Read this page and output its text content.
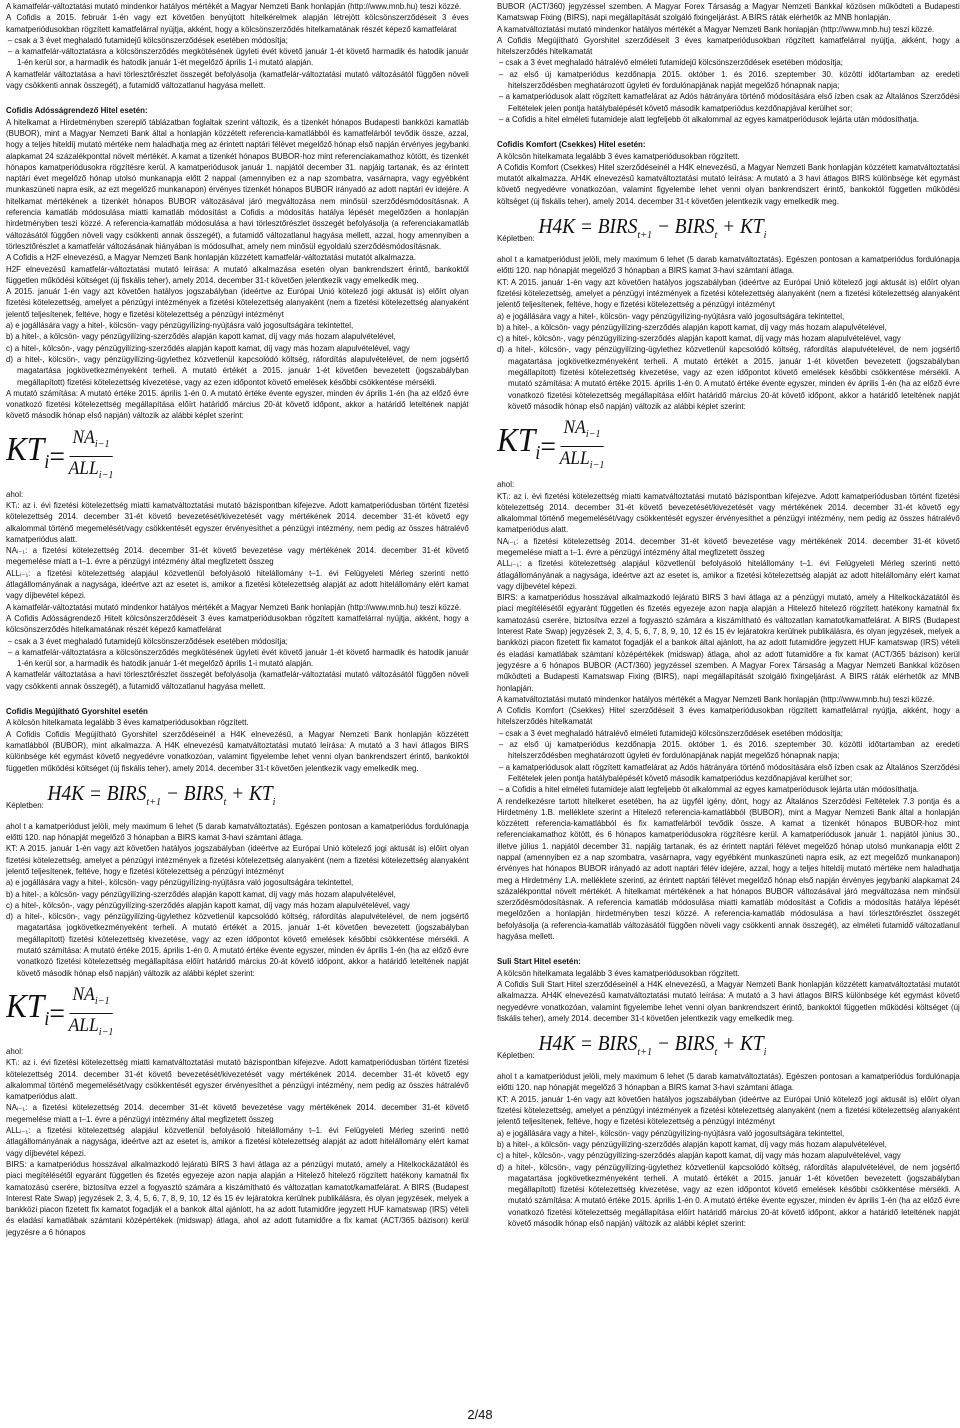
A kamatfelár-változtatási mutató mindenkor hatályos mértékét a Magyar Nemzeti Bank honlapján (http://www.mnb.hu) teszi közzé.

A Cofidis a 2015. február 1-én vagy ezt követően benyújtott hitelkérelmek alapján létrejött kölcsönszerződéseit 3 éves kamatperiódusokban rögzített kamatfelárral nyújtja, akként, hogy a kölcsönszerződés hitelkamatának részét képező kamatfelárat

– csak a 3 évet meghaladó futamidejű kölcsönszerződések esetében módosítja;

– a kamatfelár-változtatásra a kölcsönszerződés megkötésének ügyleti évét követő január 1-ét követő harmadik és hatodik január 1-én kerül sor, a harmadik és hatodik január 1-ét megelőző április 1-i mutató alapján.

A kamatfelár változtatása a havi törlesztőrészlet összegét befolyásolja (kamatfelár-változtatási mutató változásától függően növeli vagy csökkenti annak összegét), a futamidő változatlanul hagyása mellett.

Cofidis Adósságrendező Hitel esetén:

A hitelkamat a Hirdetményben szereplő táblázatban foglaltak szerint változik, és a tizenkét hónapos Budapesti bankközi kamatláb (BUBOR), mint a Magyar Nemzeti Bank által a honlapján közzétett referencia-kamatlábból és kamatfelárból tevődik össze, azzal, hogy a teljes hiteldíj mutató mértéke nem haladhatja meg az érintett naptári félévet megelőző hónap első napján érvényes jegybanki alapkamat 24 százalékponttal növelt mértékét. A kamat a tizenkét hónapos BUBOR-hoz mint referenciakamathoz kötött, és tizenkét hónapos kamatperiódusokra rögzítésre kerül. A kamatperiódusok január 1. napjától december 31. napjáig tartanak, és az érintett naptári évet megelőző hónap utolsó munkanapja előtt 2 nappal (amennyiben ez a nap szombatra, vasárnapra, vagy egyébként munkaszüneti napra esik, az ezt megelőző munkanapon) érvényes tizenkét hónapos BUBOR irányadó az adott naptári év idejére. A hitelkamat mértékének a tizenkét hónapos BUBOR változásával járó megváltozása nem minősül szerződésmódosításnak. A referencia kamatláb módosulása miatti kamatláb módosítást a Cofidis a módosítás hatálya lépését megelőzően a honlapján hirdetményben teszi közzé. A referencia-kamatláb módosulása a havi törlesztőrészlet összegét befolyásolja (a referenciakamatláb változásától függően növeli vagy csökkenti annak összegét), a futamidő változatlanul hagyása mellett, azzal, hogy amennyiben a törlesztőrészlet a kamatfelár változásának hiányában is módosulhat, amely nem minősül egyoldalú szerződésmódosításnak.

A Cofidis a H2F elnevezésű, a Magyar Nemzeti Bank honlapján közzétett kamatfelár-változtatási mutatót alkalmazza.

H2F elnevezésű kamatfelár-változtatási mutató leírása: A mutató alkalmazása esetén olyan bankrendszert érintő, bankoktól független működési költséget (új fiskális teher), amely 2014. december 31-t követően jelentkezik vagy emelkedik meg.

A 2015. január 1-én vagy azt követően hatályos jogszabályban (ideértve az Európai Unió kötelező jogi aktusát is) előírt olyan fizetési kötelezettség, amelyet a pénzügyi intézmények a fizetési kötelezettség alanyaként (nem a fizetési kötelezettség alanyaként jelentő teljesítenek, feltéve, hogy e fizetési kötelezettség a pénzügyi intézményt

a) e jogállására vagy a hitel-, kölcsön- vagy pénzügyilízing-nyújtásra való jogosultságára tekintettel,

b) a hitel-, a kölcsön- vagy pénzügyilízing-szerződés alapján kapott kamat, díj vagy más hozam alapulvételével,

c) a hitel-, kölcsön-, vagy pénzügyilízing-szerződés alapján kapott kamat, díj vagy más hozam alapulvételével, vagy

d) a hitel-, kölcsön-, vagy pénzügyilízing-ügylethez közvetlenül kapcsolódó költség, ráfordítás alapulvételével, de nem jogsértő magatartása jogkövetkezményeként terheli. A mutató értékét a 2015. január 1-ét követően bevezetett (jogszabályban megállapított) fizetési kötelezettség kivezetése, vagy az ezen időpontot követő emelések későbbi csökkentése mérsékli.

A mutató számítása: A mutató értéke 2015. április 1-én 0. A mutató értéke évente egyszer, minden év április 1-én (ha az előző évre vonatkozó fizetési kötelezettség megállapítása előírt határidő március 20-át követő időpont, akkor a határidő leteltének napját követő második hónap első napján) változik az alábbi képlet szerint:

$KT_i = \frac{NA_{i-1}}{ALL_{i-1}}$

ahol:

KTᵢ: az i. évi fizetési kötelezettség miatti kamatváltoztatási mutató bázispontban kifejezve. Adott kamatperiódusban történt fizetési kötelezettség 2014. december 31-ét követő bevezetését/kivezetését vagy mértékének 2014. december 31-ét követő egy alkalommal történő megemelését/vagy csökkentését egyszer érvényesíthet a pénzügyi intézmény, nem pedig az összes hátralévő kamatperiódus alatt.

NAᵢ₋₁: a fizetési kötelezettség 2014. december 31-ét követő bevezetése vagy mértékének 2014. december 31-ét követő megemelése miatt a t–1. évre a pénzügyi intézmény által megfizetett összeg

ALLᵢ₋₁: a fizetési kötelezettség alapjául közvetlenül befolyásoló hitelállomány t–1. évi Felügyeleti Mérleg szerinti nettó átlagállományának a nagysága, ideértve azt az esetet is, amikor a fizetési kötelezettség alapját az adott hitelállomány elért kamat vagy díjbevétel képezi.

A kamatfelár-változtatási mutató mindenkor hatályos mértékét a Magyar Nemzeti Bank honlapján (http://www.mnb.hu) teszi közzé.

A Cofidis Adósságrendező Hitelt kölcsönszerződéseit 3 éves kamatperiódusokban rögzített kamatfelárral nyújtja, akként, hogy a kölcsönszerződés hitelkamatának részét képező kamatfelárat

– csak a 3 évet meghaladó futamidejű kölcsönszerződések esetében módosítja;

– a kamatfelár-változtatásra a kölcsönszerződés megkötésének ügyleti évét követő január 1-ét követő harmadik és hatodik január 1-én kerül sor, a harmadik és hatodik január 1-ét megelőző április 1-i mutató alapján.

A kamatfelár változtatása a havi törlesztőrészlet összegét befolyásolja (kamatfelár-változtatási mutató változásától függően növeli vagy csökkenti annak összegét), a futamidő változatlanul hagyása mellett.

Cofidis Megújítható Gyorshitel esetén

A kölcsön hitelkamata legalább 3 éves kamatperiódusokban rögzített.

A Cofidis Cofidis Megújítható Gyorshitel szerződéseinél a H4K elnevezésű, a Magyar Nemzeti Bank honlapján közzétett kamatlábból (BUBOR), mint alkalmazza. A H4K elnevezésű kamatváltoztatási mutató leírása: A mutató a 3 havi átlagos BIRS különbsége két egymást követő negyedévre vonatkozóan, valamint figyelembe lehet venni olyan bankrendszert érintő, bankoktól független működési költséget (új fiskális teher), amely 2014. december 31-t követően jelentkezik vagy emelkedik meg.

Képletben: $H4K = BIRS_{t+1}$ − $BIRS_t + KT_i$

ahol t a kamatperiódust jelöli, mely maximum 6 lehet (5 darab kamatváltoztatás). Egészen pontosan a kamatperiódus fordulónapja előtti 120. nap hónapját megelőző 3 hónapban a BIRS kamat 3-havi számtani átlaga.

KT: A 2015. január 1-én vagy azt követően hatályos jogszabályban (ideértve az Európai Unió kötelező jogi aktusát is) előírt olyan fizetési kötelezettség, amelyet a pénzügyi intézmények a fizetési kötelezettség alanyaként (nem a fizetési kötelezettség alanyaként jelentő teljesítenek, feltéve, hogy e fizetési kötelezettség a pénzügyi intézményt

a) e jogállására vagy a hitel-, kölcsön- vagy pénzügyilízing-nyújtásra való jogosultságára tekintettel,

b) a hitel-, a kölcsön- vagy pénzügyilízing-szerződés alapján kapott kamat, díj vagy más hozam alapulvételével,

c) a hitel-, kölcsön-, vagy pénzügyilízing-szerződés alapján kapott kamat, díj vagy más hozam alapulvételével, vagy

d) a hitel-, kölcsön-, vagy pénzügyilízing-ügylethez közvetlenül kapcsolódó költség, ráfordítás alapulvételével, de nem jogsértő magatartása jogkövetkezményeként terheli. A mutató értékét a 2015. január 1-ét követően bevezetett (jogszabályban megállapított) fizetési kötelezettség kivezetése, vagy az ezen időpontot követő emelések későbbi csökkentése mérsékli. A mutató számítása: A mutató értéke 2015. április 1-én 0. A mutató értéke évente egyszer, minden év április 1-én (ha az előző évre vonatkozó fizetési kötelezettség megállapítása előírt határidő március 20-át követő időpont, akkor a határidő leteltének napját követő második hónap első napján) változik az alábbi képlet szerint:

$KT_i = \frac{NA_{i-1}}{ALL_{i-1}}$

ahol:

KTᵢ: az i. évi fizetési kötelezettség miatti kamatváltoztatási mutató bázispontban kifejezve. Adott kamatperiódusban történt fizetési kötelezettség 2014. december 31-ét követő bevezetését/kivezetését vagy mértékének 2014. december 31-ét követő egy alkalommal történő megemelését/vagy csökkentését egyszer érvényesíthet a pénzügyi intézmény, nem pedig az összes hátralévő kamatperiódus alatt.

NAᵢ₋₁: a fizetési kötelezettség 2014. december 31-ét követő bevezetése vagy mértékének 2014. december 31-ét követő megemelése miatt a t–1. évre a pénzügyi intézmény által megfizetett összeg

ALLᵢ₋₁: a fizetési kötelezettség alapjául közvetlenül befolyásoló hitelállomány t–1. évi Felügyeleti Mérleg szerinti nettó átlagállományának a nagysága, ideértve azt az esetet is, amikor a fizetési kötelezettség alapját az adott hitelállomány elért kamat vagy díjbevétel képezi.

BIRS: a kamatperiódus hosszával alkalmazkodó lejáratú BIRS 3 havi átlaga az a pénzügyi mutató, amely a Hitelkockázatától és piaci megítélésétől egyaránt független és fizetés egyezeje azon napja alapján a Hitelező hitelező rögzített hatékony kamatnál fix kamatozású cserére, biztosítva ezzel a fogyasztó számára a kiszámítható és változatlan kamatot/kamatfelárat. A BIRS (Budapest Interest Rate Swap) jegyzések 2, 3, 4, 5, 6, 7, 8, 9, 10, 12 és 15 év lejáratokra kerülnek publikálásra, és olyan jegyzések, melyek a bankközi piacon fizetett fix kamatot fogadják el a bankok által ajánlott, ha az adott futamidőre jegyzett HUF kamatswap (IRS) vételi és eladási kamatlábak számtani középértékek (midswap) átlaga, ahol az adott futamidőre a fix kamat (ACT/365 bázison) kerül jegyzésre a 6 hónapos

BUBOR (ACT/360) jegyzéssel szemben. A Magyar Forex Társaság a Magyar Nemzeti Bankkal közösen működteti a Budapesti Kamatswap Fixing (BIRS), napi megállapítását szolgáló fixingeljárást. A BIRS ráták elérhetők az MNB honlapján.

A kamatváltoztatási mutató mindenkor hatályos mértékét a Magyar Nemzeti Bank honlapján (http://www.mnb.hu) teszi közzé.

A Cofidis Megújítható Gyorshitel szerződéseit 3 éves kamatperiódusokban rögzített kamatfelárral nyújtja, akként, hogy a hitelszerződés hitelkamatát

– csak a 3 évet meghaladó hátralévő elméleti futamidejű kölcsönszerződések esetében módosítja;

– az első új kamatperiódus kezdőnapja 2015. október 1. és 2016. szeptember 30. közötti időtartamban az eredeti hitelszerződésben meghatározott ügyleti év fordulónapjának napját megelőző hónapnak napja;

– a kamatperiódusok alatt rögzített kamatfelárat az Adós hátrányára történő módosítására első ízben csak az Általános Szerződési Feltételek jelen pontja hatálybalépését követő második kamatperiódus kezdőnapjával kerülhet sor;

– a Cofidis a hitel elméleti futamideje alatt legfeljebb öt alkalommal az egyes kamatperiódusok lejárta után módosíthatja.

Cofidis Komfort (Csekkes) Hitel esetén:

A kölcsön hitelkamata legalább 3 éves kamatperiódusokban rögzített.

A Cofidis Komfort (Csekkes) Hitel szerződéseinél a H4K elnevezésű, a Magyar Nemzeti Bank honlapján közzétett kamatváltoztatási mutatót alkalmazza. AH4K elnevezésű kamatváltoztatási mutató leírása: A mutató a 3 havi átlagos BIRS különbsége két egymást követő negyedévre vonatkozóan, valamint figyelembe lehet venni olyan bankrendszert érintő, bankoktól független működési költséget (új fiskális teher), amely 2014. december 31-t követően jelentkezik vagy emelkedik meg.

Képletben: $H4K = BIRS_{t+1}$ − $BIRS_t + KT_i$

ahol t a kamatperiódust jelöli, mely maximum 6 lehet (5 darab kamatváltoztatás). Egészen pontosan a kamatperiódus fordulónapja előtti 120. nap hónapját megelőző 3 hónapban a BIRS kamat 3-havi számtani átlaga.

KT: A 2015. január 1-én vagy azt követően hatályos jogszabályban (ideértve az Európai Unió kötelező jogi aktusát is) előírt olyan fizetési kötelezettség, amelyet a pénzügyi intézmények a fizetési kötelezettség alanyaként (nem a fizetési kötelezettség alanyaként jelentő teljesítenek, feltéve, hogy e fizetési kötelezettség a pénzügyi intézményt

a) e jogállására vagy a hitel-, kölcsön- vagy pénzügyilízing-nyújtásra való jogosultságára tekintettel,

b) a hitel-, a kölcsön- vagy pénzügyilízing-szerződés alapján kapott kamat, díj vagy más hozam alapulvételével,

c) a hitel-, kölcsön-, vagy pénzügyilízing-szerződés alapján kapott kamat, díj vagy más hozam alapulvételével, vagy

d) a hitel-, kölcsön-, vagy pénzügyilízing-ügylethez közvetlenül kapcsolódó költség, ráfordítás alapulvételével, de nem jogsértő magatartása jogkövetkezményeként terheli. A mutató értékét a 2015. január 1-ét követően bevezetett (jogszabályban megállapított) fizetési kötelezettség kivezetése, vagy az ezen időpontot követő emelések későbbi csökkentése mérsékli. A mutató számítása: A mutató értéke 2015. április 1-én 0. A mutató értéke évente egyszer, minden év április 1-én (ha az előző évre vonatkozó fizetési kötelezettség megállapítása előírt határidő március 20-át követő időpont, akkor a határidő leteltének napját követő második hónap első napján) változik az alábbi képlet szerint:

$KT_i = \frac{NA_{i-1}}{ALL_{i-1}}$

ahol:

KTᵢ: az i. évi fizetési kötelezettség miatti kamatváltoztatási mutató bázispontban kifejezve. Adott kamatperiódusban történt fizetési kötelezettség 2014. december 31-ét követő bevezetését/kivezetését vagy mértékének 2014. december 31-ét követő egy alkalommal történő megemelését/vagy csökkentését egyszer érvényesíthet a pénzügyi intézmény, nem pedig az összes hátralévő kamatperiódus alatt.

NAᵢ₋₁: a fizetési kötelezettség 2014. december 31-ét követő bevezetése vagy mértékének 2014. december 31-ét követő megemelése miatt a t–1. évre a pénzügyi intézmény által megfizetett összeg

ALLᵢ₋₁: a fizetési kötelezettség alapjául közvetlenül befolyásoló hitelállomány t–1. évi Felügyeleti Mérleg szerinti nettó átlagállományának a nagysága, ideértve azt az esetet is, amikor a fizetési kötelezettség alapját az adott hitelállomány elért kamat vagy díjbevétel képezi.

BIRS: a kamatperiódus hosszával alkalmazkodó lejáratú BIRS 3 havi átlaga az a pénzügyi mutató, amely a Hitelkockázatától és piaci megítélésétől egyaránt független és fizetés egyezeje azon napja alapján a Hitelező hitelező rögzített hatékony kamatnál fix kamatozású cserére, biztosítva ezzel a fogyasztó számára a kiszámítható és változatlan kamatot/kamatfelárat. A BIRS (Budapest Interest Rate Swap) jegyzések 2, 3, 4, 5, 6, 7, 8, 9, 10, 12 és 15 év lejáratokra kerülnek publikálásra, és olyan jegyzések, melyek a bankközi piacon fizetett fix kamatot fogadják el a bankok által ajánlott, ha az adott futamidőre jegyzett HUF kamatswap (IRS) vételi és eladási kamatlábak számtani középértékek (midswap) átlaga, ahol az adott futamidőre a fix kamat (ACT/365 bázison) kerül jegyzésre a 6 hónapos BUBOR (ACT/360) jegyzéssel szemben. A Magyar Forex Társaság a Magyar Nemzeti Bankkal közösen működteti a Budapesti Kamatswap Fixing (BIRS), napi megállapítását szolgáló fixingeljárást. A BIRS ráták elérhetők az MNB honlapján.

A kamatváltoztatási mutató mindenkor hatályos mértékét a Magyar Nemzeti Bank honlapján (http://www.mnb.hu) teszi közzé.

A Cofidis Komfort (Csekkes) Hitel szerződéseit 3 éves kamatperiódusokban rögzített kamatfelárral nyújtja, akként, hogy a hitelszerződés hitelkamatát

– csak a 3 évet meghaladó hátralévő elméleti futamidejű kölcsönszerződések esetében módosítja;

– az első új kamatperiódus kezdőnapja 2015. október 1. és 2016. szeptember 30. közötti időtartamban az eredeti hitelszerződésben meghatározott ügyleti év fordulónapjának napját megelőző hónapnak napja;

– a kamatperiódusok alatt rögzített kamatfelárat az Adós hátrányára történő módosítására első ízben csak az Általános Szerződési Feltételek jelen pontja hatálybalépését követő második kamatperiódus kezdőnapjával kerülhet sor;

– a Cofidis a hitel elméleti futamideje alatt legfeljebb öt alkalommal az egyes kamatperiódusok lejárta után módosíthatja.

A rendelkezésre tartott hitelkeret esetében, ha az ügyfél igény, dönt, hogy az Általános Szerződési Feltételek 7.3 pontja és a Hirdetmény 1.B. melléklete szerint a Hitelező referencia-kamatlábból (BUBOR), mint a Magyar Nemzeti Bank által a honlapján közzétett referencia-kamatlábból és fix kamatfelárból tevődik össze. A kamat a tizenkét hónapos BUBOR-hoz mint referenciakamathoz kötött, és 6 hónapos kamatperiódusokra rögzítésre kerül. A kamatperiódusok január 1. napjától június 30., illetve július 1. napjától december 31. napjáig tartanak, és az érintett naptári félévet megelőző hónap utolsó munkanapja előtt 2 nappal (amennyiben ez a nap szombatra, vasárnapra, vagy egyébként munkaszüneti napra esik, az ezt megelőző munkanapon) érvényes hat hónapos BUBOR irányadó az adott naptári félév idejére, azzal, hogy a teljes hiteldíj mutató mértéke nem haladhatja meg a Hirdetmény 1.A. melléklete szerinti, az érintett naptári félévet megelőző hónap első napján érvényes jegybanki alapkamat 24 százalékponttal növelt mértékét. A hitelkamat mértékének a hat hónapos BUBOR változásával járó megváltozása nem minősül szerződésmódosításnak. A referencia kamatláb módosulása miatti kamatláb módosítást a Cofidis a módosítás hatálya lépését megelőzően a honlapján hirdetményben teszi közzé. A referencia-kamatláb módosulása a havi törlesztőrészlet összegét befolyásolja (a referencia-kamatláb változásától függően növeli vagy csökkenti annak összegét), az elméleti futamidő változatlanul hagyása mellett.

Suli Start Hitel esetén:

A kölcsön hitelkamata legalább 3 éves kamatperiódusokban rögzített.

A Cofidis Suli Start Hitel szerződéseinél a H4K elnevezésű, a Magyar Nemzeti Bank honlapján közzétett kamatváltoztatási mutatót alkalmazza. AH4K elnevezésű kamatváltoztatási mutató leírása: A mutató a 3 havi átlagos BIRS különbsége két egymást követő negyedévre vonatkozóan, valamint figyelembe lehet venni olyan bankrendszert érintő, bankoktól független működési költséget (új fiskális teher), amely 2014. december 31-t követően jelentkezik vagy emelkedik meg.

Képletben: $H4K = BIRS_{t+1}$ − $BIRS_t + KT_i$

ahol t a kamatperiódust jelöli, mely maximum 6 lehet (5 darab kamatváltoztatás). Egészen pontosan a kamatperiódus fordulónapja előtti 120. nap hónapját megelőző 3 hónapban a BIRS kamat 3-havi számtani átlaga.

KT: A 2015. január 1-én vagy azt követően hatályos jogszabályban (ideértve az Európai Unió kötelező jogi aktusát is) előírt olyan fizetési kötelezettség, amelyet a pénzügyi intézmények a fizetési kötelezettség alanyaként (nem a fizetési kötelezettség alanyaként jelentő teljesítenek, feltéve, hogy e fizetési kötelezettség a pénzügyi intézményt

a) e jogállására vagy a hitel-, kölcsön- vagy pénzügyilízing-nyújtásra való jogosultságára tekintettel,

b) a hitel-, a kölcsön- vagy pénzügyilízing-szerződés alapján kapott kamat, díj vagy más hozam alapulvételével,

c) a hitel-, kölcsön-, vagy pénzügyilízing-szerződés alapján kapott kamat, díj vagy más hozam alapulvételével, vagy

d) a hitel-, kölcsön-, vagy pénzügyilízing-ügylethez közvetlenül kapcsolódó költség, ráfordítás alapulvételével, de nem jogsértő magatartása jogkövetkezményeként terheli. A mutató értékét a 2015. január 1-ét követően bevezetett (jogszabályban megállapított) fizetési kötelezettség kivezetése, vagy az ezen időpontot követő emelések későbbi csökkentése mérsékli. A mutató számítása: A mutató értéke 2015. április 1-én 0. A mutató értéke évente egyszer, minden év április 1-én (ha az előző évre vonatkozó fizetési kötelezettség megállapítása előírt határidő március 20-át követő időpont, akkor a határidő leteltének napját követő második hónap első napján) változik az alábbi képlet szerint:

2/48
